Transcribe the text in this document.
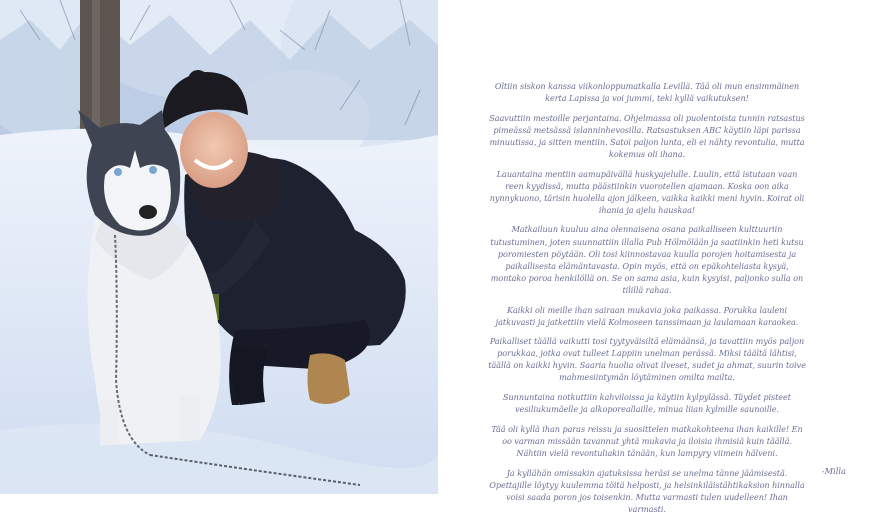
Oltiin siskon kanssa viikonloppumatkalla Levillä. Tää oli mun ensimmäinen kerta Lapissa ja voi jummi, teki kyllä vaikutuksen!

Saavuttiin mestoille perjantaina. Ohjelmassa oli puolentoista tunnin ratsastus pimeässä metsässä islanninhevosilla. Ratsastuksen ABC käytiin läpi parissa minuutissa, ja sitten mentiin. Satoi paljon lunta, eli ei nähty revontulia, mutta kokemus oli ihana.

Lauantaina mentiin aamupäivällä huskyajelulle. Luulin, että istutaan vaan reen kyydissä, mutta päästiinkin vuorotellen ajamaan. Koska oon aika nynnykuono, tärisin huolella ajon jälkeen, vaikka kaikki meni hyvin. Koirat oli ihania ja ajelu hauskaa!

Matkailuun kuuluu aina olennaisena osana paikalliseen kulttuuriin tutustuminen, joten suunnattiin illalla Pub Hölmölään ja saatiinkin heti kutsu poromiesten pöytään. Oli tosi kiinnostavaa kuulla porojen hoitamisesta ja paikallisesta elämäntavasta. Opin myös, että on epäkohteliasta kysyä, montako poroa henkilöllä on. Se on sama asia, kuin kysyisi, paljonko sulla on tilillä rahaa.

Kaikki oli meille ihan sairaan mukavia joka paikassa. Porukka lauleni jatkuvasti ja jatkettiin vielä Kolmoseen tanssimaan ja laulamaan karaokea.

Paikalliset täällä vaikutti tosi tyytyväisiltä elämäänsä, ja tavattiin myös paljon porukkaa, jotka ovat tulleet Lappiin unelman perässä. Miksi täältä lähtisi, täällä on kaikki hyvin. Saaria huolia olivat ilveset, sudet ja ahmat, suurin toive mahmesiintymän löytäminen omilta mailta.

Sunnuntaina notkuttiin kahviloissa ja käytiin kylpylässä. Täydet pisteet vesiliukumäelle ja alkoporeallaille, minua liian kylmille saunoille.

Tää oli kyllä ihan paras reissu ja suosittelen matkakohteena ihan kaikille! En oo varman missään tavannut yhtä mukavia ja iloisia ihmisiä kuin täällä. Nähtiin vielä revontuliakin tänään, kun lampyry viimein hälveni.

Ja kyllähän omissakin ajatuksissa heräsi se unelma tänne jäämisestä. Opettajille löytyy kuulemma töitä helposti, ja helsinkiläistähtikaksion hinnalla voisi saada poron jos toisenkin. Mutta varmasti tulen uudelleen! Ihan varmasti.

-Milla
